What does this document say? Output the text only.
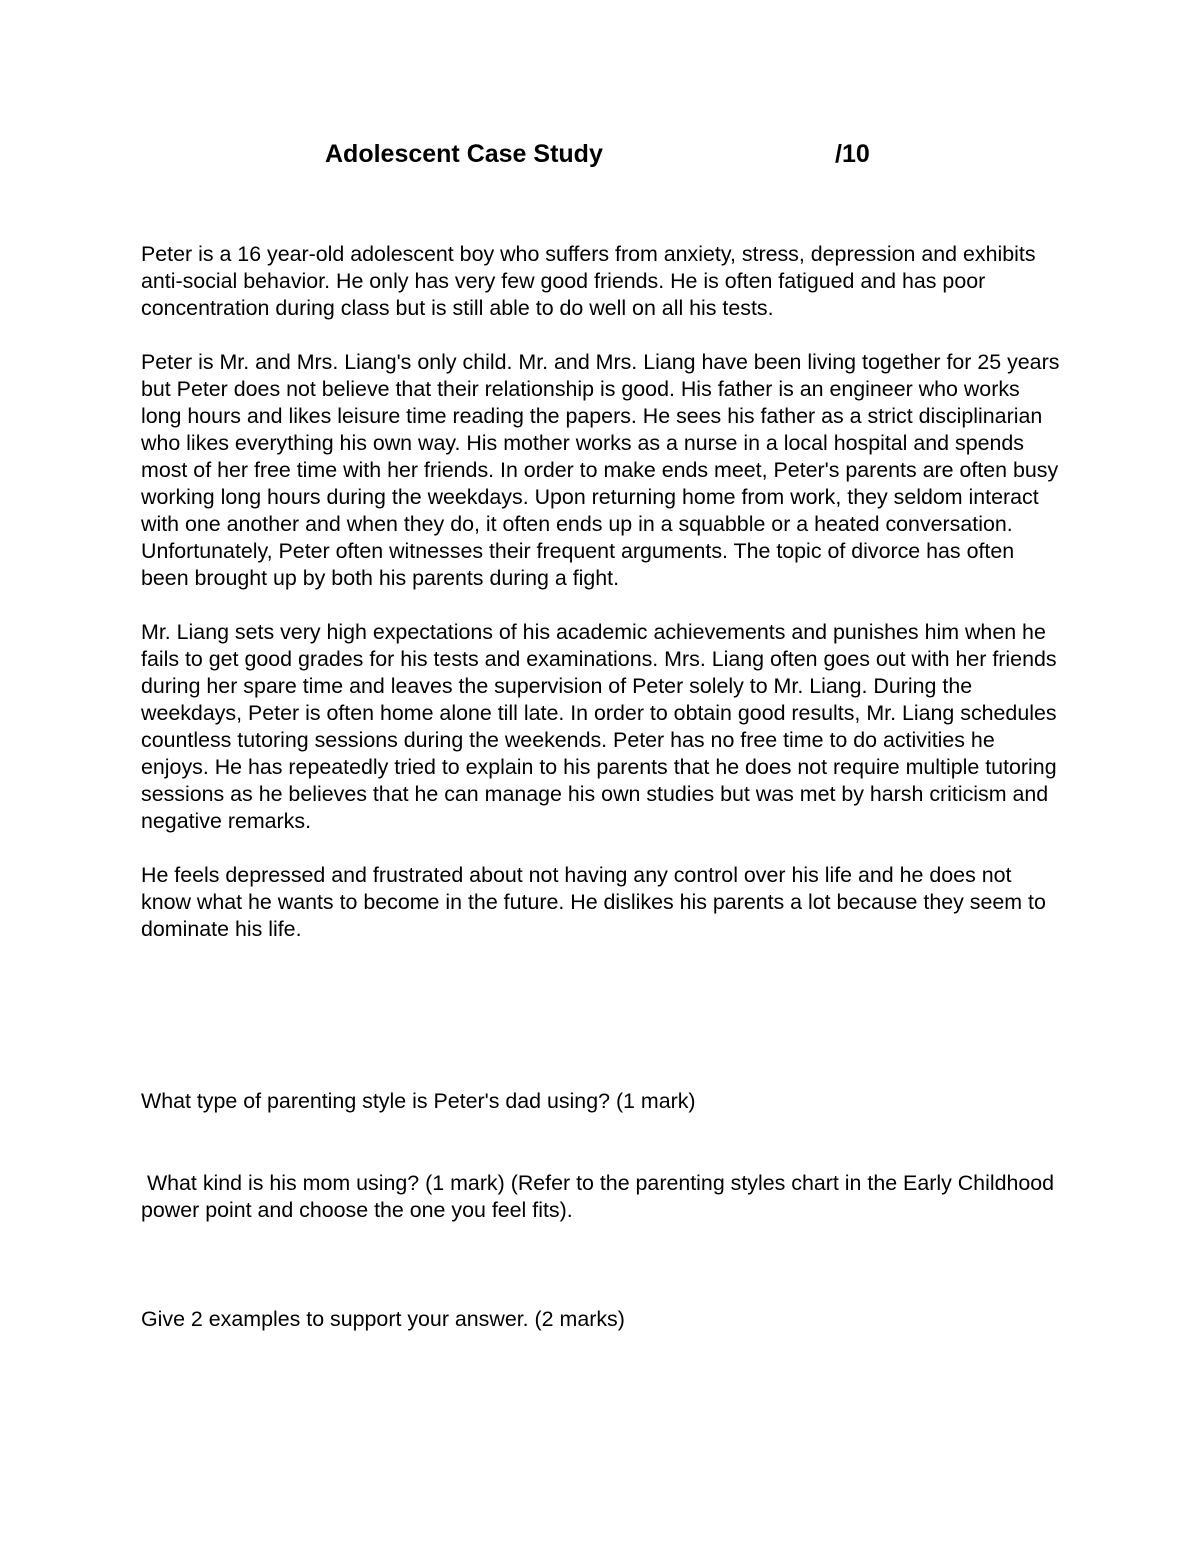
Adolescent Case Study	/10

Peter is a 16 year-old adolescent boy who suffers from anxiety, stress, depression and exhibits anti-social behavior. He only has very few good friends. He is often fatigued and has poor concentration during class but is still able to do well on all his tests.

Peter is Mr. and Mrs. Liang's only child. Mr. and Mrs. Liang have been living together for 25 years but Peter does not believe that their relationship is good. His father is an engineer who works long hours and likes leisure time reading the papers. He sees his father as a strict disciplinarian who likes everything his own way. His mother works as a nurse in a local hospital and spends most of her free time with her friends. In order to make ends meet, Peter's parents are often busy working long hours during the weekdays. Upon returning home from work, they seldom interact with one another and when they do, it often ends up in a squabble or a heated conversation. Unfortunately, Peter often witnesses their frequent arguments. The topic of divorce has often been brought up by both his parents during a fight.

Mr. Liang sets very high expectations of his academic achievements and punishes him when he fails to get good grades for his tests and examinations. Mrs. Liang often goes out with her friends during her spare time and leaves the supervision of Peter solely to Mr. Liang. During the weekdays, Peter is often home alone till late. In order to obtain good results, Mr. Liang schedules countless tutoring sessions during the weekends. Peter has no free time to do activities he enjoys. He has repeatedly tried to explain to his parents that he does not require multiple tutoring sessions as he believes that he can manage his own studies but was met by harsh criticism and negative remarks.

He feels depressed and frustrated about not having any control over his life and he does not know what he wants to become in the future. He dislikes his parents a lot because they seem to dominate his life.

What type of parenting style is Peter's dad using? (1 mark)
What kind is his mom using? (1 mark) (Refer to the parenting styles chart in the Early Childhood power point and choose the one you feel fits).
Give 2 examples to support your answer. (2 marks)
